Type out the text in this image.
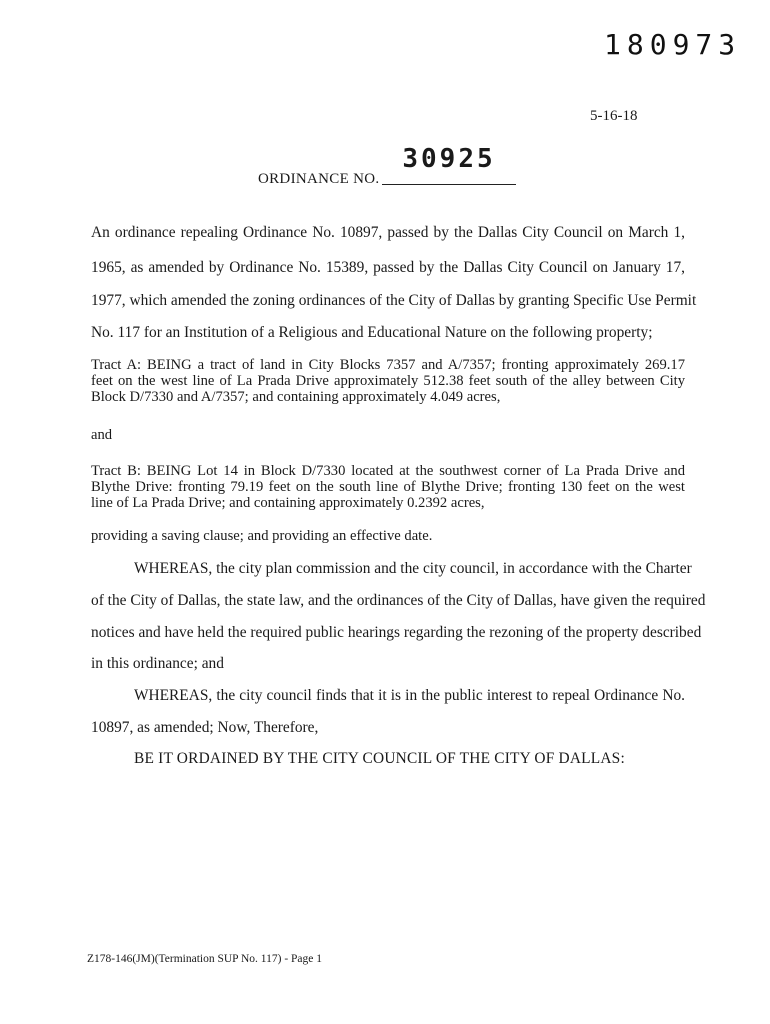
180973
5-16-18
ORDINANCE NO.
30925
An ordinance repealing Ordinance No. 10897, passed by the Dallas City Council on March 1,
1965, as amended by Ordinance No. 15389, passed by the Dallas City Council on January 17,
1977, which amended the zoning ordinances of the City of Dallas by granting Specific Use Permit
No. 117 for an Institution of a Religious and Educational Nature on the following property;
Tract A: BEING a tract of land in City Blocks 7357 and A/7357; fronting approximately 269.17
feet on the west line of La Prada Drive approximately 512.38 feet south of the alley between City
Block D/7330 and A/7357; and containing approximately 4.049 acres,
and
Tract B: BEING Lot 14 in Block D/7330 located at the southwest corner of La Prada Drive and
Blythe Drive: fronting 79.19 feet on the south line of Blythe Drive; fronting 130 feet on the west
line of La Prada Drive; and containing approximately 0.2392 acres,
providing a saving clause; and providing an effective date.
WHEREAS, the city plan commission and the city council, in accordance with the Charter
of the City of Dallas, the state law, and the ordinances of the City of Dallas, have given the required
notices and have held the required public hearings regarding the rezoning of the property described
in this ordinance; and
WHEREAS, the city council finds that it is in the public interest to repeal Ordinance No.
10897, as amended; Now, Therefore,
BE IT ORDAINED BY THE CITY COUNCIL OF THE CITY OF DALLAS:
Z178-146(JM)(Termination SUP No. 117) - Page 1
